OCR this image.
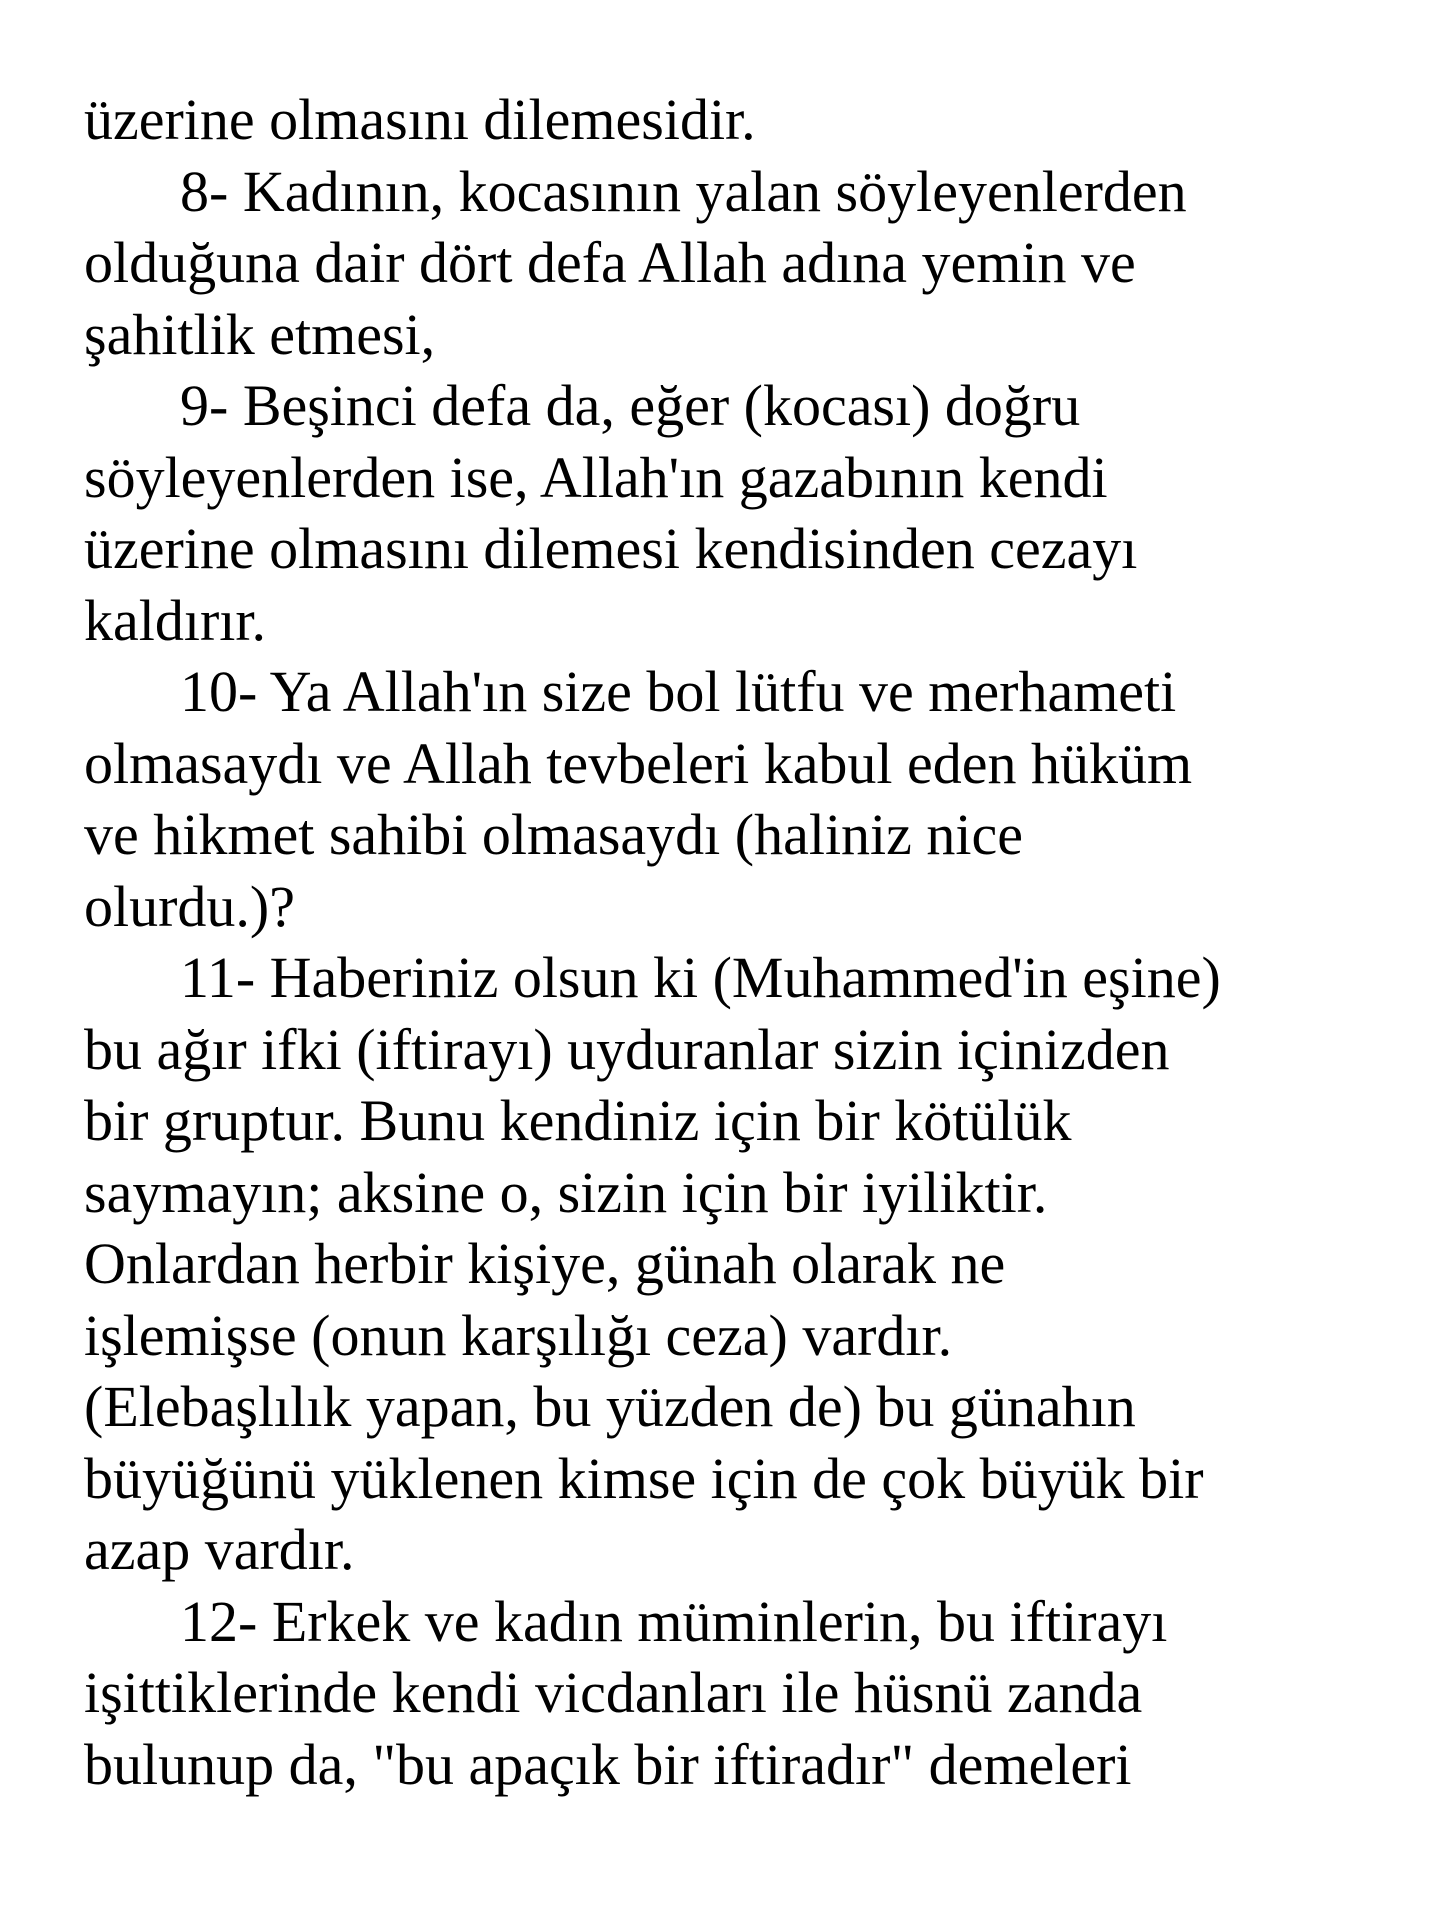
üzerine olmasını dilemesidir.
8- Kadının, kocasının yalan söyleyenlerden
olduğuna dair dört defa Allah adına yemin ve
şahitlik etmesi,
9- Beşinci defa da, eğer (kocası) doğru
söyleyenlerden ise, Allah'ın gazabının kendi
üzerine olmasını dilemesi kendisinden cezayı
kaldırır.
10- Ya Allah'ın size bol lütfu ve merhameti
olmasaydı ve Allah tevbeleri kabul eden hüküm
ve hikmet sahibi olmasaydı (haliniz nice
olurdu.)?
11- Haberiniz olsun ki (Muhammed'in eşine)
bu ağır ifki (iftirayı) uyduranlar sizin içinizden
bir gruptur. Bunu kendiniz için bir kötülük
saymayın; aksine o, sizin için bir iyiliktir.
Onlardan herbir kişiye, günah olarak ne
işlemişse (onun karşılığı ceza) vardır.
(Elebaşlılık yapan, bu yüzden de) bu günahın
büyüğünü yüklenen kimse için de çok büyük bir
azap vardır.
12- Erkek ve kadın müminlerin, bu iftirayı
işittiklerinde kendi vicdanları ile hüsnü zanda
bulunup da, "bu apaçık bir iftiradır" demeleri
